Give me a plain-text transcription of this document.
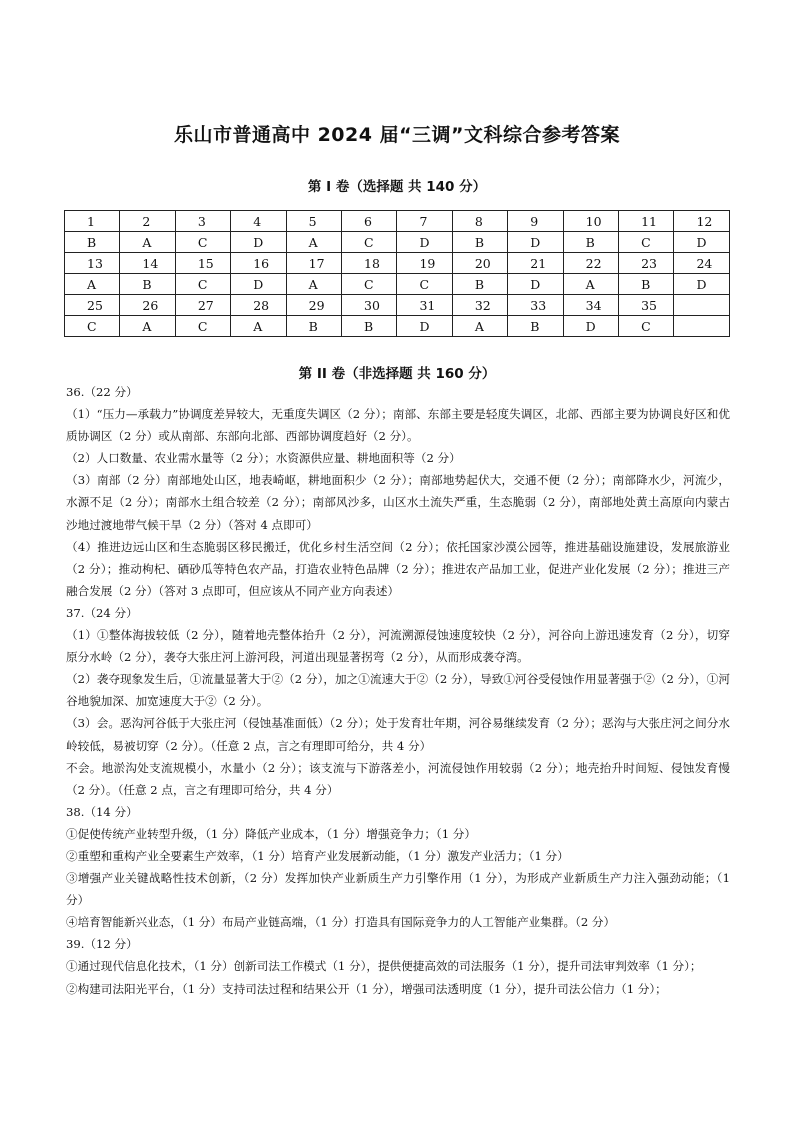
乐山市普通高中 2024 届“三调”文科综合参考答案
第 I 卷（选择题 共 140 分）
1	2	3	4	5	6	7	8	9	10	11	12
B	A	C	D	A	C	D	B	D	B	C	D
13	14	15	16	17	18	19	20	21	22	23	24
A	B	C	D	A	C	C	B	D	A	B	D
25	26	27	28	29	30	31	32	33	34	35	
C	A	C	A	B	B	D	A	B	D	C	
第 II 卷（非选择题 共 160 分）

36.（22 分）

（1）“压力—承载力”协调度差异较大，无重度失调区（2 分）；南部、东部主要是轻度失调区，北部、西部主要为协调良好区和优质协调区（2 分）或从南部、东部向北部、西部协调度趋好（2 分）。

（2）人口数量、农业需水量等（2 分）；水资源供应量、耕地面积等（2 分）

（3）南部（2 分）南部地处山区，地表崎岖，耕地面积少（2 分）；南部地势起伏大，交通不便（2 分）；南部降水少，河流少，水源不足（2 分）；南部水土组合较差（2 分）；南部风沙多，山区水土流失严重，生态脆弱（2 分），南部地处黄土高原向内蒙古沙地过渡地带气候干旱（2 分）（答对 4 点即可）

（4）推进边远山区和生态脆弱区移民搬迁，优化乡村生活空间（2 分）；依托国家沙漠公园等，推进基础设施建设，发展旅游业（2 分）；推动枸杞、硒砂瓜等特色农产品，打造农业特色品牌（2 分）；推进农产品加工业，促进产业化发展（2 分）；推进三产融合发展（2 分）（答对 3 点即可，但应该从不同产业方向表述）

37.（24 分）

（1）①整体海拔较低（2 分），随着地壳整体抬升（2 分），河流溯源侵蚀速度较快（2 分），河谷向上游迅速发育（2 分），切穿原分水岭（2 分），袭夺大张庄河上游河段，河道出现显著拐弯（2 分），从而形成袭夺湾。

（2）袭夺现象发生后，①流量显著大于②（2 分），加之①流速大于②（2 分），导致①河谷受侵蚀作用显著强于②（2 分），①河谷地貌加深、加宽速度大于②（2 分）。

（3）会。恶沟河谷低于大张庄河（侵蚀基准面低）（2 分）；处于发育壮年期，河谷易继续发育（2 分）；恶沟与大张庄河之间分水岭较低，易被切穿（2 分）。（任意 2 点，言之有理即可给分，共 4 分）

不会。地淤沟处支流规模小，水量小（2 分）；该支流与下游落差小，河流侵蚀作用较弱（2 分）；地壳抬升时间短、侵蚀发育慢（2 分）。（任意 2 点，言之有理即可给分，共 4 分）

38.（14 分）

①促使传统产业转型升级，（1 分）降低产业成本，（1 分）增强竞争力；（1 分）

②重塑和重构产业全要素生产效率，（1 分）培育产业发展新动能，（1 分）激发产业活力；（1 分）

③增强产业关键战略性技术创新，（2 分）发挥加快产业新质生产力引擎作用（1 分），为形成产业新质生产力注入强劲动能；（1 分）

④培育智能新兴业态，（1 分）布局产业链高端，（1 分）打造具有国际竞争力的人工智能产业集群。（2 分）

39.（12 分）

①通过现代信息化技术，（1 分）创新司法工作模式（1 分），提供便捷高效的司法服务（1 分），提升司法审判效率（1 分）；

②构建司法阳光平台，（1 分）支持司法过程和结果公开（1 分），增强司法透明度（1 分），提升司法公信力（1 分）；
